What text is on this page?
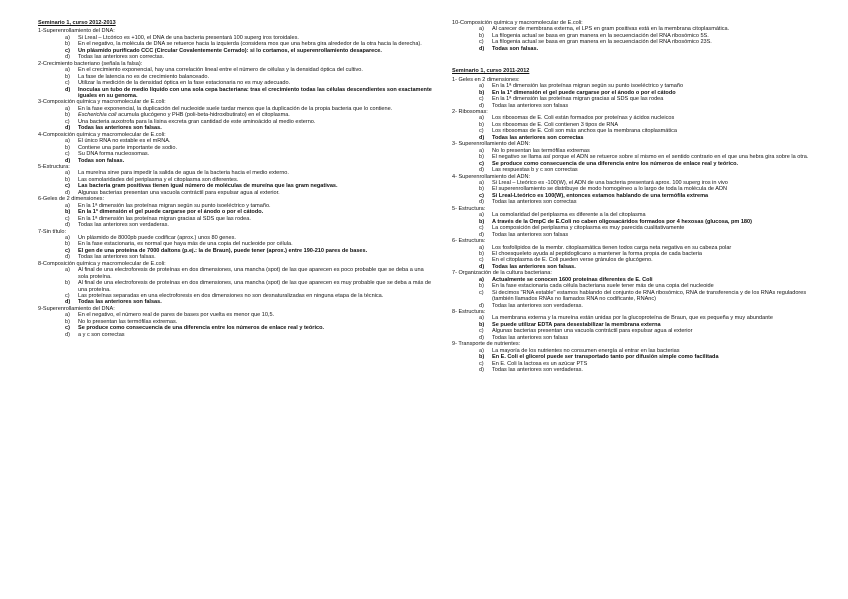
Seminario 1, curso 2012-2013

1-Superenrollamiento del DNA:

a) Si Lreal – Ltcórico es +100, el DNA de una bacteria presentará 100 superg iros toroidales.
b) En el negativo, la molécula de DNA se retuerce hacia la izquierda (considera mos que una hebra gira alrededor de la otra hacia la derecha).
c) Un plásmido purificado CCC (Circular Covalentemente Cerrado): si lo cortamos, el superenrollamiento desaparece.
d) Todas las anteriores son correctas.

2-Crecimiento bacteriano (señala la falsa):

a) En el crecimiento exponencial, hay una correlación lineal entre el número de células y la densidad óptica del cultivo.
b) La fase de latencia no es de crecimiento balanceado.
c) Utilizar la medición de la densidad óptica en la fase estacionaria no es muy adecuado.
d) Inoculas un tubo de medio líquido con una sola cepa bacteriana: tras el crecimiento todas las células descendientes son exactamente iguales en su genoma.

3-Composición química y macromolecular de E.coli:

a) En la fase exponencial, la duplicación del nucleoide suele tardar menos que la duplicación de la propia bacteria que lo contiene.
b) Escherichia coli acumula glucógeno y PHB (poli-beta-hidroxibutirato) en el citoplasma.
c) Una bacteria auxotrofa para la lisina excreta gran cantidad de este aminoácido al medio externo.
d) Todas las anteriores son falsas.

4-Composición química y macromolecular de E.coli:

a) El único RNA no estable es el mRNA.
b) Contiene una parte importante de sodio.
c) Su DNA forma nucleosomas.
d) Todas son falsas.

5-Estructura:

a) La mureína sirve para impedir la salida de agua de la bacteria hacia el medio externo.
b) Las osmolaridades del periplasma y el citoplasma son diferentes.
c) Las bacteria gram positivas tienen igual número de moléculas de mureína que las gram negativas.
d) Algunas bacterias presentan una vacuola contráctil para expulsar agua al exterior.

6-Geles de 2 dimensiones:

a) En la 1ª dimensión las proteínas migran según su punto isoeléctrico y tamaño.
b) En la 1ª dimensión el gel puede cargarse por el ánodo o por el cátodo.
c) En la 1ª dimensión las proteínas migran gracias al SDS que las rodea.
d) Todas las anteriores son verdaderas.

7-Sin título:

a) Un plásmido de 8000pb puede codificar (aprox.) unos 80 genes.
b) En la fase estacionaria, es normal que haya más de una copia del nucleoide por célula.
c) El gen de una proteína de 7000 daltons (p.ej.: la de Braun), puede tener (aprox.) entre 190-210 pares de bases.
d) Todas las anteriores son falsas.

8-Composición química y macromolecular de E.coli:

a) Al final de una electroforesis de proteínas en dos dimensiones, una mancha (spot) de las que aparecen es poco probable que se deba a una sola proteína.
b) Al final de una electroforesis de proteínas en dos dimensiones, una mancha (spot) de las que aparecen es muy probable que se deba a más de una proteína.
c) Las proteínas separadas en una electroforesis en dos dimensiones no son desnaturalizadas en ninguna etapa de la técnica.
d) Todas las anteriores son falsas.

9-Superenrollamiento del DNA:

a) En el negativo, el número real de pares de bases por vuelta es menor que 10,5.
b) No lo presentan las termófilas extremas.
c) Se produce como consecuencia de una diferencia entre los números de enlace real y teórico.
d) a y c son correctas

10-Composición química y macromolecular de E.coli:

a) Al carecer de membrana externa, el LPS en gram positivas está en la membrana citoplasmática.
b) La filogenia actual se basa en gran manera en la secuenciación del RNA ribosómico 5S.
c) La filogenia actual se basa en gran manera en la secuenciación del RNA ribosómico 23S.
d) Todas son falsas.

Seminario 1, curso 2011-2012

1- Geles en 2 dimensiones:

a) En la 1ª dimensión las proteínas migran según su punto isoeléctrico y tamaño
b) En la 1ª dimensión el gel puede cargarse por el ánodo o por el cátodo
c) En la 1ª dimensión las proteínas migran gracias al SDS que las rodea
d) Todas las anteriores son falsas

2- Ribosomas:

a) Los ribosomas de E. Coli están formados por proteínas y ácidos nucleicos
b) Los ribosomas de E. Coli contienen 3 tipos de RNA
c) Los ribosomas de E. Coli son más anchos que la membrana citoplasmática
d) Todas las anteriores son correctas

3- Superenrollamiento del ADN:

a) No lo presentan las termófilas extremas
b) El negativo se llama así porque el ADN se retuerce sobre sí mismo en el sentido contrario en el que una hebra gira sobre la otra.
c) Se produce como consecuencia de una diferencia entre los números de enlace real y teórico.
d) Las respuestas b y c son correctas

4- Superenrollamiento del ADN:

a) Si Lreal – Lteórico es -100(W), el ADN de una bacteria presentará aprox. 100 superg iros in vivo
b) El superenrollamiento se distribuye de modo homogéneo a lo largo de toda la molécula de ADN
c) Si Lreal-Lteórico es 100(W), entonces estamos hablando de una termófila extrema
d) Todas las anteriores son correctas

5- Estructura:

a) La osmolaridad del periplasma es diferente a la del citoplasma
b) A través de la OmpC de E.Coli no caben oligosacáridos formados por 4 hexosas (glucosa, pm 180)
c) La composición del periplasma y citoplasma es muy parecida cualitativamente
d) Todas las anteriores son falsas

6- Estructura:

a) Los fosfolípidos de la membr. citoplasmática tienen todos carga neta negativa en su cabeza polar
b) El choesqueleto ayuda al peptidoglicano a mantener la forma propia de cada bacteria
c) En el citoplasma de E. Coli pueden verse gránulos de glucógeno.
d) Todas las anteriores son falsas.

7- Organización de la cultura bacteriana:

a) Actualmente se conocen 1600 proteínas diferentes de E. Coli
b) En la fase estacionaria cada célula bacteriana suele tener más de una copia del nucleoide
c) Si decimos "RNA estable" estamos hablando del conjunto de RNA ribosómico, RNA de transferencia y de los RNAs reguladores (también llamados RNAs no llamados RNA no codificante, RNAnc)
d) Todas las anteriores son verdaderas.

8- Estructura:

a) La membrana externa y la mureína están unidas por la glucoproteína de Braun, que es pequeña y muy abundante
b) Se puede utilizar EDTA para desestabilizar la membrana externa
c) Algunas bacterias presentan una vacuola contráctil para expulsar agua al exterior
d) Todas las anteriores son falsas

9- Transporte de nutrientes:

a) La mayoría de los nutrientes no consumen energía al entrar en las bacterias
b) En E. Coli el glicerol puede ser transportado tanto por difusión simple como facilitada
c) En E. Coli la lactosa es un azúcar PTS
d) Todas las anteriores son verdaderas.
